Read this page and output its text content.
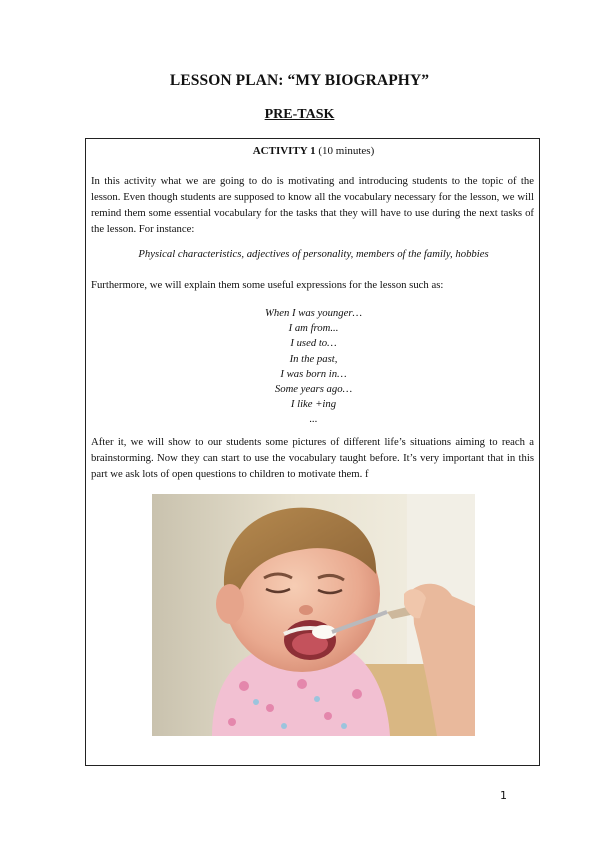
LESSON PLAN: “MY BIOGRAPHY”
PRE-TASK
ACTIVITY 1 (10 minutes)

In this activity what we are going to do is motivating and introducing students to the topic of the lesson. Even though students are supposed to know all the vocabulary necessary for the lesson, we will remind them some essential vocabulary for the tasks that they will have to use during the next tasks of the lesson. For instance:

Physical characteristics, adjectives of personality, members of the family, hobbies

Furthermore, we will explain them some useful expressions for the lesson such as:

When I was younger…
I am from...
I used to…
In the past,
I was born in…
Some years ago…
I like +ing
...

After it, we will show to our students some pictures of different life’s situations aiming to reach a brainstorming. Now they can start to use the vocabulary taught before. It’s very important that in this part we ask lots of open questions to children to motivate them. f

1
